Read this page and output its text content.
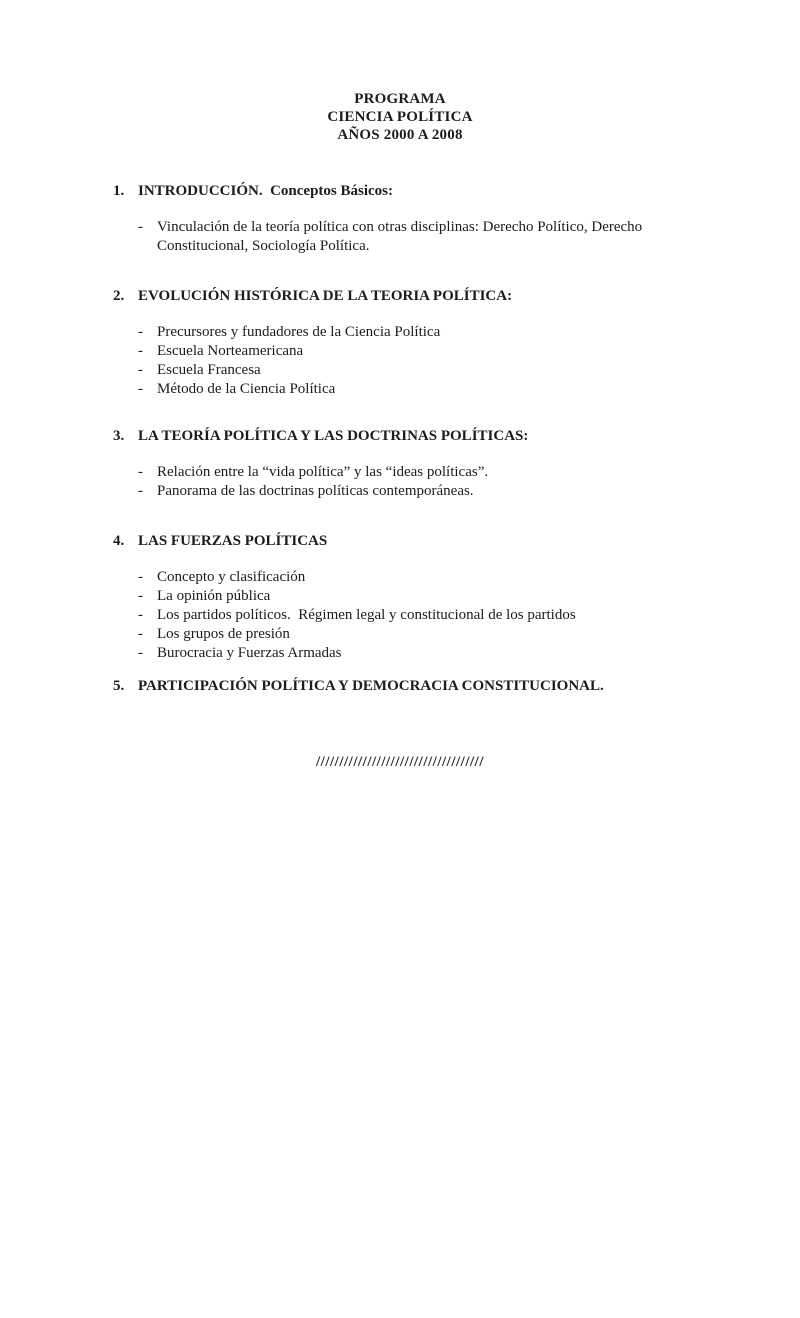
PROGRAMA
CIENCIA POLÍTICA
AÑOS 2000 A 2008
1. INTRODUCCIÓN.  Conceptos Básicos:
- Vinculación de la teoría política con otras disciplinas: Derecho Político, Derecho Constitucional, Sociología Política.
2. EVOLUCIÓN HISTÓRICA DE LA TEORIA POLÍTICA:
- Precursores y fundadores de la Ciencia Política
- Escuela Norteamericana
- Escuela Francesa
- Método de la Ciencia Política
3. LA TEORÍA POLÍTICA Y LAS DOCTRINAS POLÍTICAS:
- Relación entre la “vida política” y las “ideas políticas”.
- Panorama de las doctrinas políticas contemporáneas.
4. LAS FUERZAS POLÍTICAS
- Concepto y clasificación
- La opinión pública
- Los partidos políticos.  Régimen legal y constitucional de los partidos
- Los grupos de presión
- Burocracia y Fuerzas Armadas
5. PARTICIPACIÓN POLÍTICA Y DEMOCRACIA CONSTITUCIONAL.
////////////////////////////////////
